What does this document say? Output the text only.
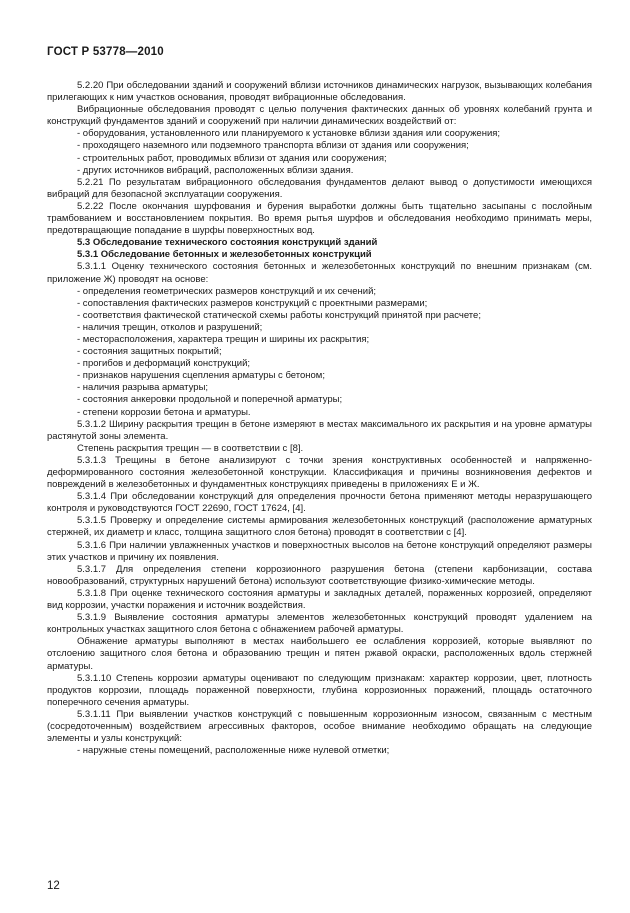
ГОСТ Р 53778—2010

5.2.20 При обследовании зданий и сооружений вблизи источников динамических нагрузок, вызывающих колебания прилегающих к ним участков основания, проводят вибрационные обследования.

Вибрационные обследования проводят с целью получения фактических данных об уровнях колебаний грунта и конструкций фундаментов зданий и сооружений при наличии динамических воздействий от:

- оборудования, установленного или планируемого к установке вблизи здания или сооружения;

- проходящего наземного или подземного транспорта вблизи от здания или сооружения;

- строительных работ, проводимых вблизи от здания или сооружения;

- других источников вибраций, расположенных вблизи здания.

5.2.21 По результатам вибрационного обследования фундаментов делают вывод о допустимости имеющихся вибраций для безопасной эксплуатации сооружения.

5.2.22 После окончания шурфования и бурения выработки должны быть тщательно засыпаны с послойным трамбованием и восстановлением покрытия. Во время рытья шурфов и обследования необходимо принимать меры, предотвращающие попадание в шурфы поверхностных вод.

5.3 Обследование технического состояния конструкций зданий

5.3.1 Обследование бетонных и железобетонных конструкций

5.3.1.1 Оценку технического состояния бетонных и железобетонных конструкций по внешним признакам (см. приложение Ж) проводят на основе:

- определения геометрических размеров конструкций и их сечений;

- сопоставления фактических размеров конструкций с проектными размерами;

- соответствия фактической статической схемы работы конструкций принятой при расчете;

- наличия трещин, отколов и разрушений;

- месторасположения, характера трещин и ширины их раскрытия;

- состояния защитных покрытий;

- прогибов и деформаций конструкций;

- признаков нарушения сцепления арматуры с бетоном;

- наличия разрыва арматуры;

- состояния анкеровки продольной и поперечной арматуры;

- степени коррозии бетона и арматуры.

5.3.1.2 Ширину раскрытия трещин в бетоне измеряют в местах максимального их раскрытия и на уровне арматуры растянутой зоны элемента.

Степень раскрытия трещин — в соответствии с [8].

5.3.1.3 Трещины в бетоне анализируют с точки зрения конструктивных особенностей и напряженно-деформированного состояния железобетонной конструкции. Классификация и причины возникновения дефектов и повреждений в железобетонных и фундаментных конструкциях приведены в приложениях Е и Ж.

5.3.1.4 При обследовании конструкций для определения прочности бетона применяют методы неразрушающего контроля и руководствуются ГОСТ 22690, ГОСТ 17624, [4].

5.3.1.5 Проверку и определение системы армирования железобетонных конструкций (расположение арматурных стержней, их диаметр и класс, толщина защитного слоя бетона) проводят в соответствии с [4].

5.3.1.6 При наличии увлажненных участков и поверхностных высолов на бетоне конструкций определяют размеры этих участков и причину их появления.

5.3.1.7 Для определения степени коррозионного разрушения бетона (степени карбонизации, состава новообразований, структурных нарушений бетона) используют соответствующие физико-химические методы.

5.3.1.8 При оценке технического состояния арматуры и закладных деталей, пораженных коррозией, определяют вид коррозии, участки поражения и источник воздействия.

5.3.1.9 Выявление состояния арматуры элементов железобетонных конструкций проводят удалением на контрольных участках защитного слоя бетона с обнажением рабочей арматуры.

Обнажение арматуры выполняют в местах наибольшего ее ослабления коррозией, которые выявляют по отслоению защитного слоя бетона и образованию трещин и пятен ржавой окраски, расположенных вдоль стержней арматуры.

5.3.1.10 Степень коррозии арматуры оценивают по следующим признакам: характер коррозии, цвет, плотность продуктов коррозии, площадь пораженной поверхности, глубина коррозионных поражений, площадь остаточного поперечного сечения арматуры.

5.3.1.11 При выявлении участков конструкций с повышенным коррозионным износом, связанным с местным (сосредоточенным) воздействием агрессивных факторов, особое внимание необходимо обращать на следующие элементы и узлы конструкций:

- наружные стены помещений, расположенные ниже нулевой отметки;

12
